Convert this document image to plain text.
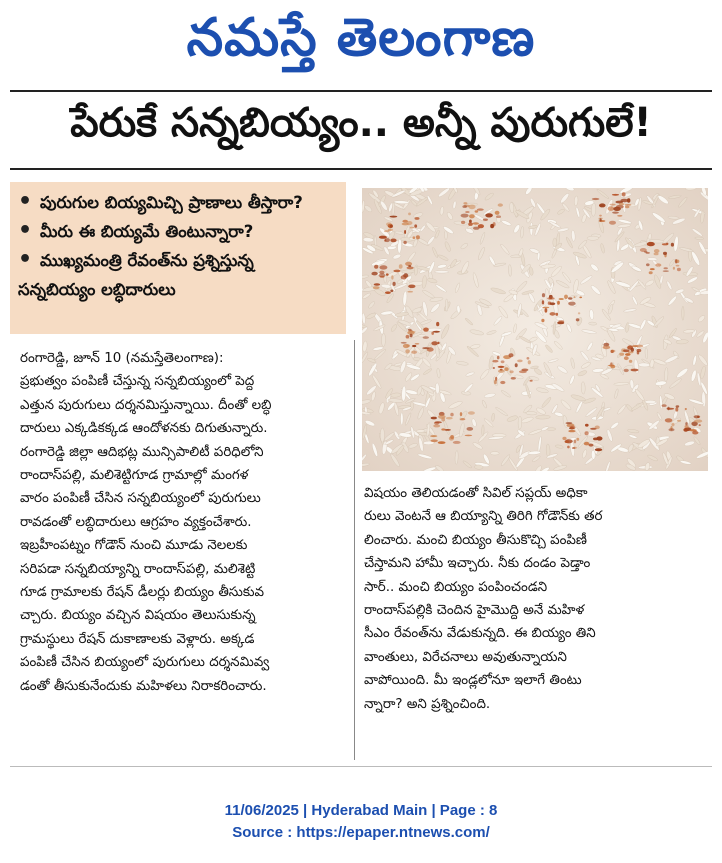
నమస్తే తెలంగాణ
పేరుకే సన్నబియ్యం.. అన్నీ పురుగులే!
• పురుగుల బియ్యమిచ్చి ప్రాణాలు తీస్తారా?
• మీరు ఈ బియ్యమే తింటున్నారా?
• ముఖ్యమంత్రి రేవంత్‌ను ప్రశ్నిస్తున్న
సన్నబియ్యం లబ్ధిదారులు

రంగారెడ్డి, జూన్ 10 (నమస్తేతెలంగాణ):

ప్రభుత్వం పంపిణీ చేస్తున్న సన్నబియ్యంలో పెద్ద

ఎత్తున పురుగులు దర్శనమిస్తున్నాయి. దీంతో లబ్ధి

దారులు ఎక్కడికక్కడ ఆందోళనకు దిగుతున్నారు.

రంగారెడ్డి జిల్లా ఆదిభట్ల మున్సిపాలిటీ పరిధిలోని

రాందాస్‌పల్లి, మలిశెట్టిగూడ గ్రామాల్లో మంగళ

వారం పంపిణీ చేసిన సన్నబియ్యంలో పురుగులు

రావడంతో లబ్ధిదారులు ఆగ్రహం వ్యక్తంచేశారు.

ఇబ్రహీంపట్నం గోడౌన్ నుంచి మూడు నెలలకు

సరిపడా సన్నబియ్యాన్ని రాందాస్‌పల్లి, మలిశెట్టి

గూడ గ్రామాలకు రేషన్ డీలర్లు బియ్యం తీసుకువ

చ్చారు. బియ్యం వచ్చిన విషయం తెలుసుకున్న

గ్రామస్థులు రేషన్ దుకాణాలకు వెళ్లారు. అక్కడ

పంపిణీ చేసిన బియ్యంలో పురుగులు దర్శనమివ్వ

డంతో తీసుకునేందుకు మహిళలు నిరాకరించారు.

విషయం తెలియడంతో సివిల్ సప్లయ్ అధికా

రులు వెంటనే ఆ బియ్యాన్ని తిరిగి గోడౌన్‌కు తర

లించారు. మంచి బియ్యం తీసుకొచ్చి పంపిణీ

చేస్తామని హామీ ఇచ్చారు. నీకు దండం పెడ్తాం

సార్.. మంచి బియ్యం పంపించండని

రాందాస్‌పల్లికి చెందిన హైమొద్ది అనే మహిళ

సీఎం రేవంత్‌ను వేడుకున్నది. ఈ బియ్యం తిని

వాంతులు, విరేచనాలు అవుతున్నాయని

వాపోయింది. మీ ఇండ్లలోనూ ఇలాగే తింటు

న్నారా? అని ప్రశ్నించింది.

11/06/2025 | Hyderabad Main | Page : 8
Source : https://epaper.ntnews.com/
